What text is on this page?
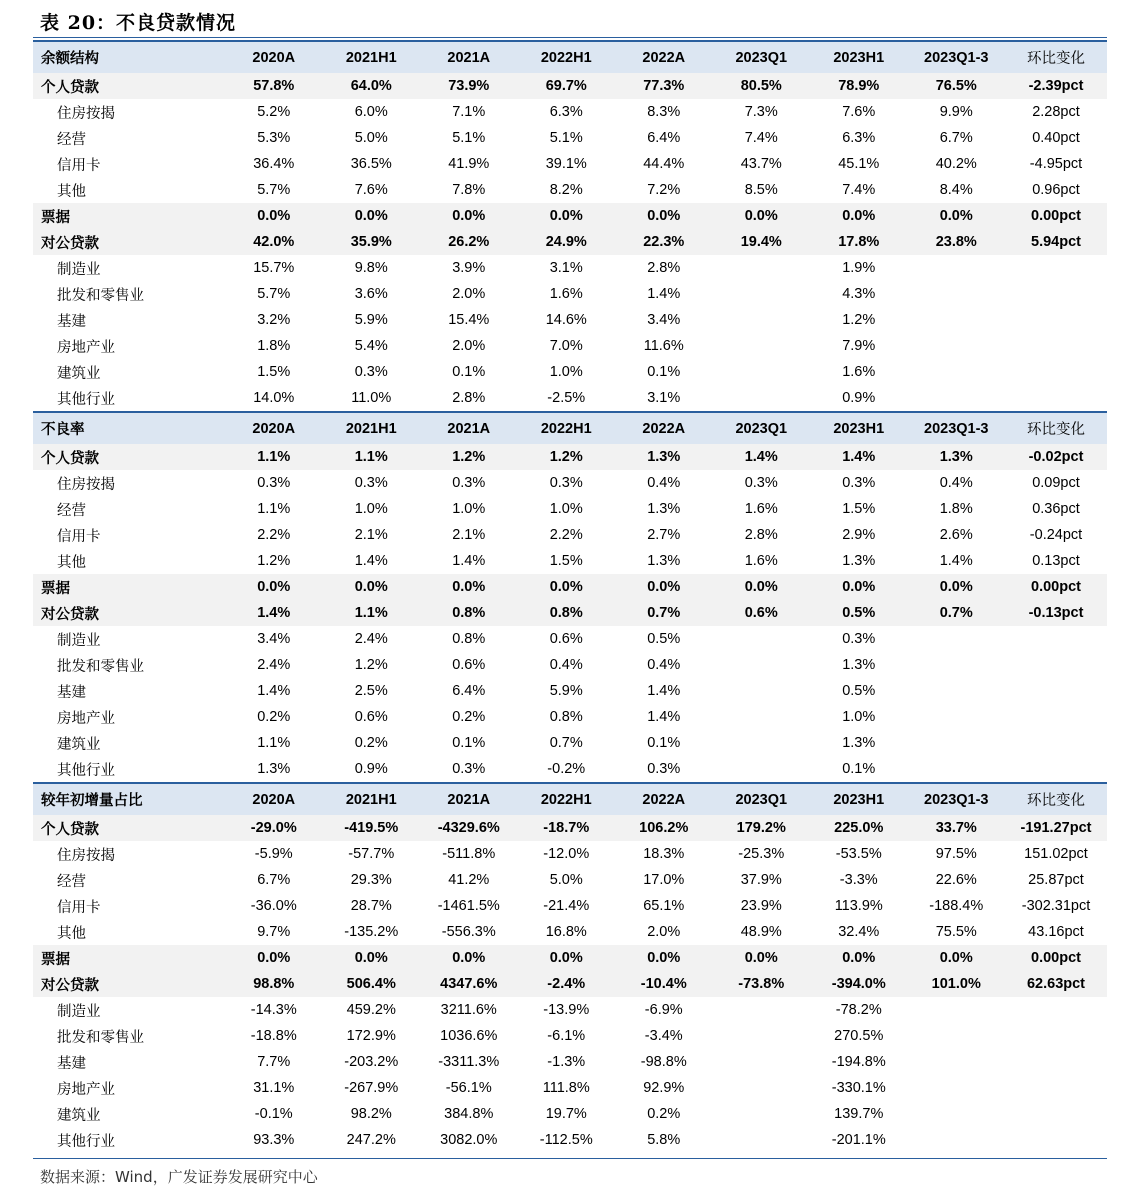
表 20：不良贷款情况
余额结构	2020A	2021H1	2021A	2022H1	2022A	2023Q1	2023H1	2023Q1-3	环比变化
个人贷款	57.8%	64.0%	73.9%	69.7%	77.3%	80.5%	78.9%	76.5%	-2.39pct
住房按揭	5.2%	6.0%	7.1%	6.3%	8.3%	7.3%	7.6%	9.9%	2.28pct
经营	5.3%	5.0%	5.1%	5.1%	6.4%	7.4%	6.3%	6.7%	0.40pct
信用卡	36.4%	36.5%	41.9%	39.1%	44.4%	43.7%	45.1%	40.2%	-4.95pct
其他	5.7%	7.6%	7.8%	8.2%	7.2%	8.5%	7.4%	8.4%	0.96pct
票据	0.0%	0.0%	0.0%	0.0%	0.0%	0.0%	0.0%	0.0%	0.00pct
对公贷款	42.0%	35.9%	26.2%	24.9%	22.3%	19.4%	17.8%	23.8%	5.94pct
制造业	15.7%	9.8%	3.9%	3.1%	2.8%		1.9%		
批发和零售业	5.7%	3.6%	2.0%	1.6%	1.4%		4.3%		
基建	3.2%	5.9%	15.4%	14.6%	3.4%		1.2%		
房地产业	1.8%	5.4%	2.0%	7.0%	11.6%		7.9%		
建筑业	1.5%	0.3%	0.1%	1.0%	0.1%		1.6%		
其他行业	14.0%	11.0%	2.8%	-2.5%	3.1%		0.9%		
不良率	2020A	2021H1	2021A	2022H1	2022A	2023Q1	2023H1	2023Q1-3	环比变化
个人贷款	1.1%	1.1%	1.2%	1.2%	1.3%	1.4%	1.4%	1.3%	-0.02pct
住房按揭	0.3%	0.3%	0.3%	0.3%	0.4%	0.3%	0.3%	0.4%	0.09pct
经营	1.1%	1.0%	1.0%	1.0%	1.3%	1.6%	1.5%	1.8%	0.36pct
信用卡	2.2%	2.1%	2.1%	2.2%	2.7%	2.8%	2.9%	2.6%	-0.24pct
其他	1.2%	1.4%	1.4%	1.5%	1.3%	1.6%	1.3%	1.4%	0.13pct
票据	0.0%	0.0%	0.0%	0.0%	0.0%	0.0%	0.0%	0.0%	0.00pct
对公贷款	1.4%	1.1%	0.8%	0.8%	0.7%	0.6%	0.5%	0.7%	-0.13pct
制造业	3.4%	2.4%	0.8%	0.6%	0.5%		0.3%		
批发和零售业	2.4%	1.2%	0.6%	0.4%	0.4%		1.3%		
基建	1.4%	2.5%	6.4%	5.9%	1.4%		0.5%		
房地产业	0.2%	0.6%	0.2%	0.8%	1.4%		1.0%		
建筑业	1.1%	0.2%	0.1%	0.7%	0.1%		1.3%		
其他行业	1.3%	0.9%	0.3%	-0.2%	0.3%		0.1%		
较年初增量占比	2020A	2021H1	2021A	2022H1	2022A	2023Q1	2023H1	2023Q1-3	环比变化
个人贷款	-29.0%	-419.5%	-4329.6%	-18.7%	106.2%	179.2%	225.0%	33.7%	-191.27pct
住房按揭	-5.9%	-57.7%	-511.8%	-12.0%	18.3%	-25.3%	-53.5%	97.5%	151.02pct
经营	6.7%	29.3%	41.2%	5.0%	17.0%	37.9%	-3.3%	22.6%	25.87pct
信用卡	-36.0%	28.7%	-1461.5%	-21.4%	65.1%	23.9%	113.9%	-188.4%	-302.31pct
其他	9.7%	-135.2%	-556.3%	16.8%	2.0%	48.9%	32.4%	75.5%	43.16pct
票据	0.0%	0.0%	0.0%	0.0%	0.0%	0.0%	0.0%	0.0%	0.00pct
对公贷款	98.8%	506.4%	4347.6%	-2.4%	-10.4%	-73.8%	-394.0%	101.0%	62.63pct
制造业	-14.3%	459.2%	3211.6%	-13.9%	-6.9%		-78.2%		
批发和零售业	-18.8%	172.9%	1036.6%	-6.1%	-3.4%		270.5%		
基建	7.7%	-203.2%	-3311.3%	-1.3%	-98.8%		-194.8%		
房地产业	31.1%	-267.9%	-56.1%	111.8%	92.9%		-330.1%		
建筑业	-0.1%	98.2%	384.8%	19.7%	0.2%		139.7%		
其他行业	93.3%	247.2%	3082.0%	-112.5%	5.8%		-201.1%		
数据来源：Wind，广发证券发展研究中心
